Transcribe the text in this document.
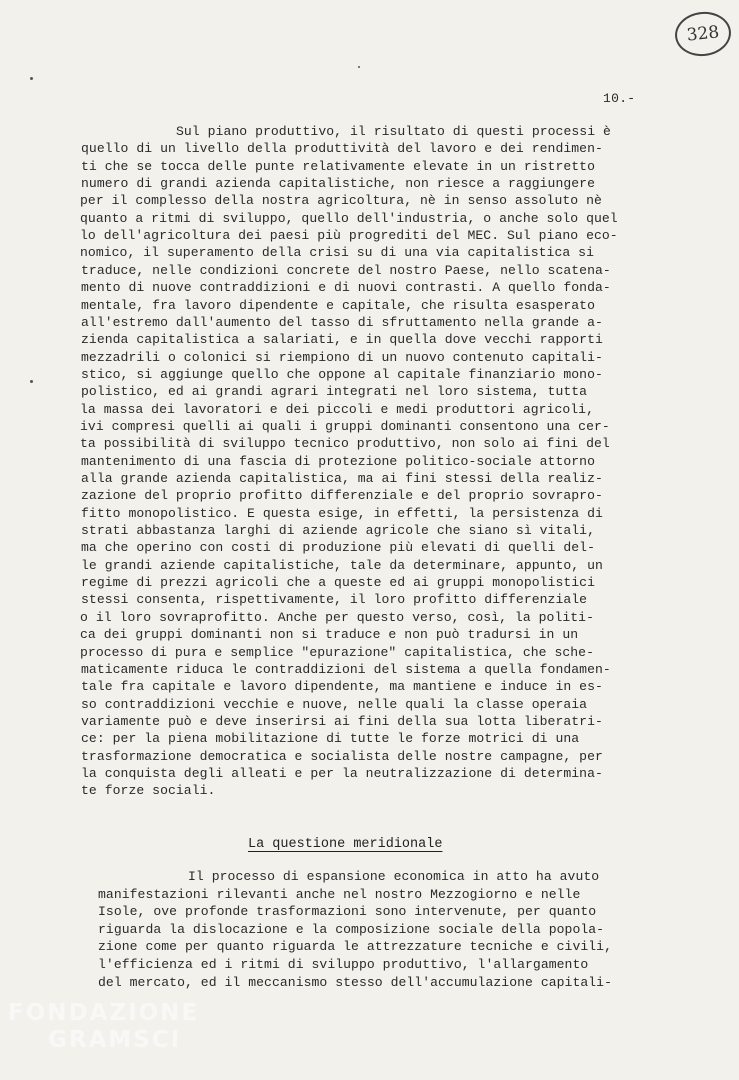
328
10.-
Sul piano produttivo, il risultato di questi processi è
quello di un livello della produttività del lavoro e dei rendimen-
ti che se tocca delle punte relativamente elevate in un ristretto
numero di grandi azienda capitalistiche, non riesce a raggiungere
per il complesso della nostra agricoltura, nè in senso assoluto nè
quanto a ritmi di sviluppo, quello dell'industria, o anche solo quel
lo dell'agricoltura dei paesi più progrediti del MEC. Sul piano eco-
nomico, il superamento della crisi su di una via capitalistica si
traduce, nelle condizioni concrete del nostro Paese, nello scatena-
mento di nuove contraddizioni e di nuovi contrasti. A quello fonda-
mentale, fra lavoro dipendente e capitale, che risulta esasperato
all'estremo dall'aumento del tasso di sfruttamento nella grande a-
zienda capitalistica a salariati, e in quella dove vecchi rapporti
mezzadrili o colonici si riempiono di un nuovo contenuto capitali-
stico, si aggiunge quello che oppone al capitale finanziario mono-
polistico, ed ai grandi agrari integrati nel loro sistema, tutta
la massa dei lavoratori e dei piccoli e medi produttori agricoli,
ivi compresi quelli ai quali i gruppi dominanti consentono una cer-
ta possibilità di sviluppo tecnico produttivo, non solo ai fini del
mantenimento di una fascia di protezione politico-sociale attorno
alla grande azienda capitalistica, ma ai fini stessi della realiz-
zazione del proprio profitto differenziale e del proprio sovrapro-
fitto monopolistico. E questa esige, in effetti, la persistenza di
strati abbastanza larghi di aziende agricole che siano sì vitali,
ma che operino con costi di produzione più elevati di quelli del-
le grandi aziende capitalistiche, tale da determinare, appunto, un
regime di prezzi agricoli che a queste ed ai gruppi monopolistici
stessi consenta, rispettivamente, il loro profitto differenziale
o il loro sovraprofitto. Anche per questo verso, così, la politi-
ca dei gruppi dominanti non si traduce e non può tradursi in un
processo di pura e semplice "epurazione" capitalistica, che sche-
maticamente riduca le contraddizioni del sistema a quella fondamen-
tale fra capitale e lavoro dipendente, ma mantiene e induce in es-
so contraddizioni vecchie e nuove, nelle quali la classe operaia
variamente può e deve inserirsi ai fini della sua lotta liberatri-
ce: per la piena mobilitazione di tutte le forze motrici di una
trasformazione democratica e socialista delle nostre campagne, per
la conquista degli alleati e per la neutralizzazione di determina-
te forze sociali.
La questione meridionale
Il processo di espansione economica in atto ha avuto
manifestazioni rilevanti anche nel nostro Mezzogiorno e nelle
Isole, ove profonde trasformazioni sono intervenute, per quanto
riguarda la dislocazione e la composizione sociale della popola-
zione come per quanto riguarda le attrezzature tecniche e civili,
l'efficienza ed i ritmi di sviluppo produttivo, l'allargamento
del mercato, ed il meccanismo stesso dell'accumulazione capitali-
FONDAZIONE
GRAMSCI
